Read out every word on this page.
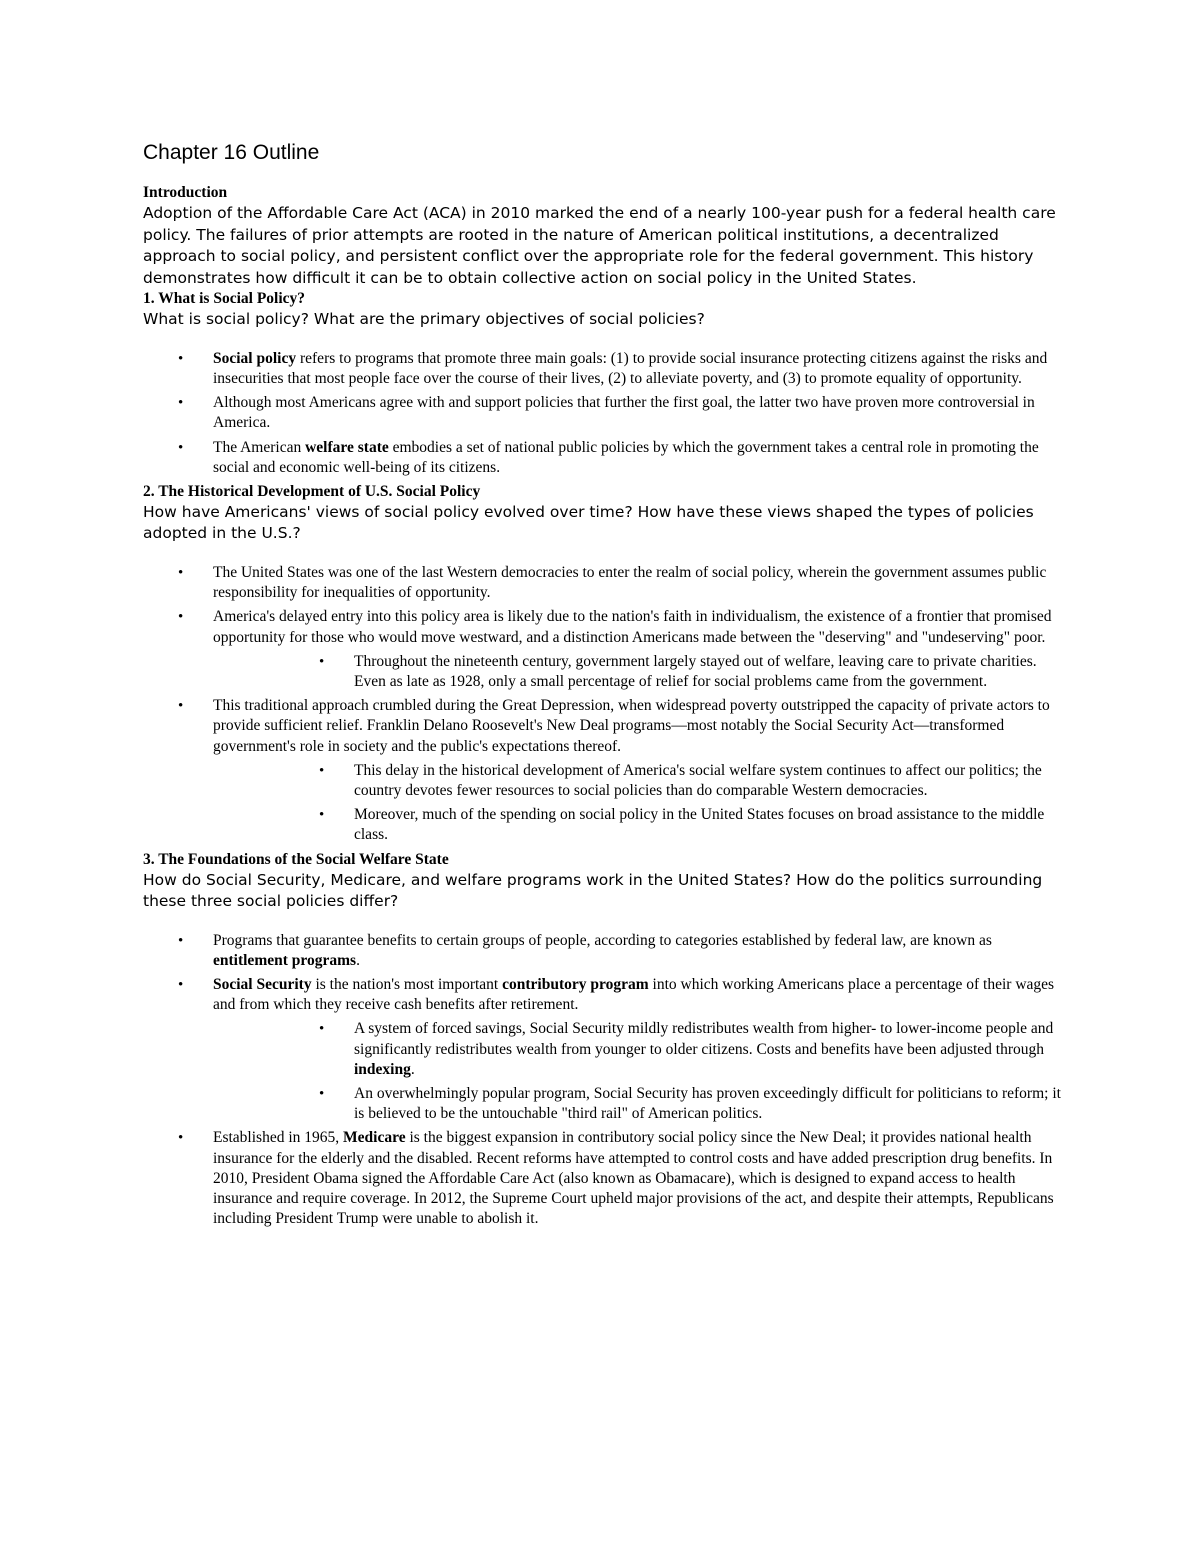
Chapter 16 Outline

Introduction

Adoption of the Affordable Care Act (ACA) in 2010 marked the end of a nearly 100-year push for a federal health care policy. The failures of prior attempts are rooted in the nature of American political institutions, a decentralized approach to social policy, and persistent conflict over the appropriate role for the federal government. This history demonstrates how difficult it can be to obtain collective action on social policy in the United States.

1. What is Social Policy?

What is social policy? What are the primary objectives of social policies?

• Social policy refers to programs that promote three main goals: (1) to provide social insurance protecting citizens against the risks and insecurities that most people face over the course of their lives, (2) to alleviate poverty, and (3) to promote equality of opportunity.
• Although most Americans agree with and support policies that further the first goal, the latter two have proven more controversial in America.
• The American welfare state embodies a set of national public policies by which the government takes a central role in promoting the social and economic well-being of its citizens.

2. The Historical Development of U.S. Social Policy

How have Americans' views of social policy evolved over time? How have these views shaped the types of policies adopted in the U.S.?

• The United States was one of the last Western democracies to enter the realm of social policy, wherein the government assumes public responsibility for inequalities of opportunity.
• America's delayed entry into this policy area is likely due to the nation's faith in individualism, the existence of a frontier that promised opportunity for those who would move westward, and a distinction Americans made between the "deserving" and "undeserving" poor.
• Throughout the nineteenth century, government largely stayed out of welfare, leaving care to private charities. Even as late as 1928, only a small percentage of relief for social problems came from the government.
• This traditional approach crumbled during the Great Depression, when widespread poverty outstripped the capacity of private actors to provide sufficient relief. Franklin Delano Roosevelt's New Deal programs—most notably the Social Security Act—transformed government's role in society and the public's expectations thereof.
• This delay in the historical development of America's social welfare system continues to affect our politics; the country devotes fewer resources to social policies than do comparable Western democracies.
• Moreover, much of the spending on social policy in the United States focuses on broad assistance to the middle class.

3. The Foundations of the Social Welfare State

How do Social Security, Medicare, and welfare programs work in the United States? How do the politics surrounding these three social policies differ?

• Programs that guarantee benefits to certain groups of people, according to categories established by federal law, are known as entitlement programs.
• Social Security is the nation's most important contributory program into which working Americans place a percentage of their wages and from which they receive cash benefits after retirement.
• A system of forced savings, Social Security mildly redistributes wealth from higher- to lower-income people and significantly redistributes wealth from younger to older citizens. Costs and benefits have been adjusted through indexing.
• An overwhelmingly popular program, Social Security has proven exceedingly difficult for politicians to reform; it is believed to be the untouchable "third rail" of American politics.
• Established in 1965, Medicare is the biggest expansion in contributory social policy since the New Deal; it provides national health insurance for the elderly and the disabled. Recent reforms have attempted to control costs and have added prescription drug benefits. In 2010, President Obama signed the Affordable Care Act (also known as Obamacare), which is designed to expand access to health insurance and require coverage. In 2012, the Supreme Court upheld major provisions of the act, and despite their attempts, Republicans including President Trump were unable to abolish it.
